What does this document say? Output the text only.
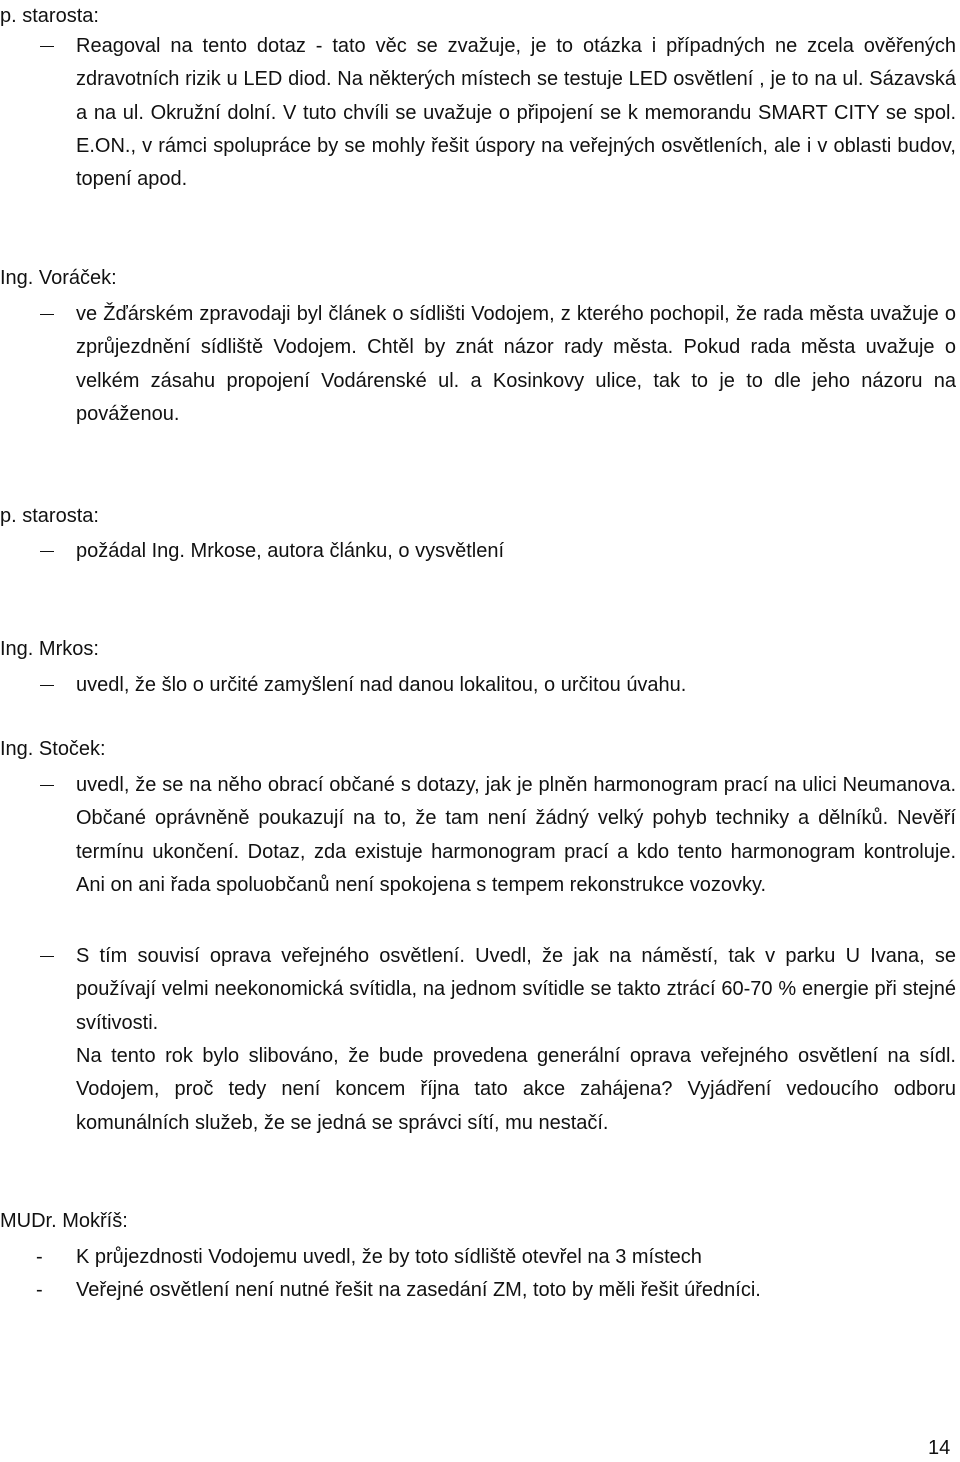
p. starosta:

Reagoval na tento dotaz - tato věc se zvažuje, je to otázka i případných ne zcela ověřených zdravotních rizik u LED diod. Na některých místech se testuje LED osvětlení , je to na ul. Sázavská a na ul. Okružní dolní. V tuto chvíli se uvažuje o připojení se k memorandu SMART CITY se spol. E.ON., v rámci spolupráce by se mohly řešit úspory na veřejných osvětleních, ale i v oblasti budov, topení apod.

Ing. Voráček:

ve Žďárském zpravodaji byl článek o sídlišti Vodojem, z kterého pochopil, že rada města uvažuje o zprůjezdnění sídliště Vodojem. Chtěl by znát názor rady města. Pokud rada města uvažuje o velkém zásahu propojení Vodárenské ul. a Kosinkovy ulice, tak to je to dle jeho názoru na pováženou.

p. starosta:

požádal Ing. Mrkose, autora článku, o vysvětlení

Ing. Mrkos:

uvedl, že šlo o určité zamyšlení nad danou lokalitou, o určitou úvahu.

Ing. Stoček:

uvedl, že se na něho obrací občané s dotazy, jak je plněn harmonogram prací na ulici Neumanova. Občané oprávněně poukazují na to, že tam není žádný velký pohyb techniky a dělníků. Nevěří termínu ukončení. Dotaz, zda existuje harmonogram prací a kdo tento harmonogram kontroluje. Ani on ani řada spoluobčanů není spokojena s tempem rekonstrukce vozovky.

S tím souvisí oprava veřejného osvětlení. Uvedl, že jak na náměstí, tak v parku U Ivana, se používají velmi neekonomická svítidla, na jednom svítidle se takto ztrácí 60-70 % energie při stejné svítivosti.

Na tento rok bylo slibováno, že bude provedena generální oprava veřejného osvětlení na sídl. Vodojem, proč tedy není koncem října tato akce zahájena? Vyjádření vedoucího odboru komunálních služeb, že se jedná se správci sítí, mu nestačí.

MUDr. Mokříš:
- K průjezdnosti Vodojemu uvedl, že by toto sídliště otevřel na 3 místech

- Veřejné osvětlení není nutné řešit na zasedání ZM, toto by měli řešit úředníci.

14
